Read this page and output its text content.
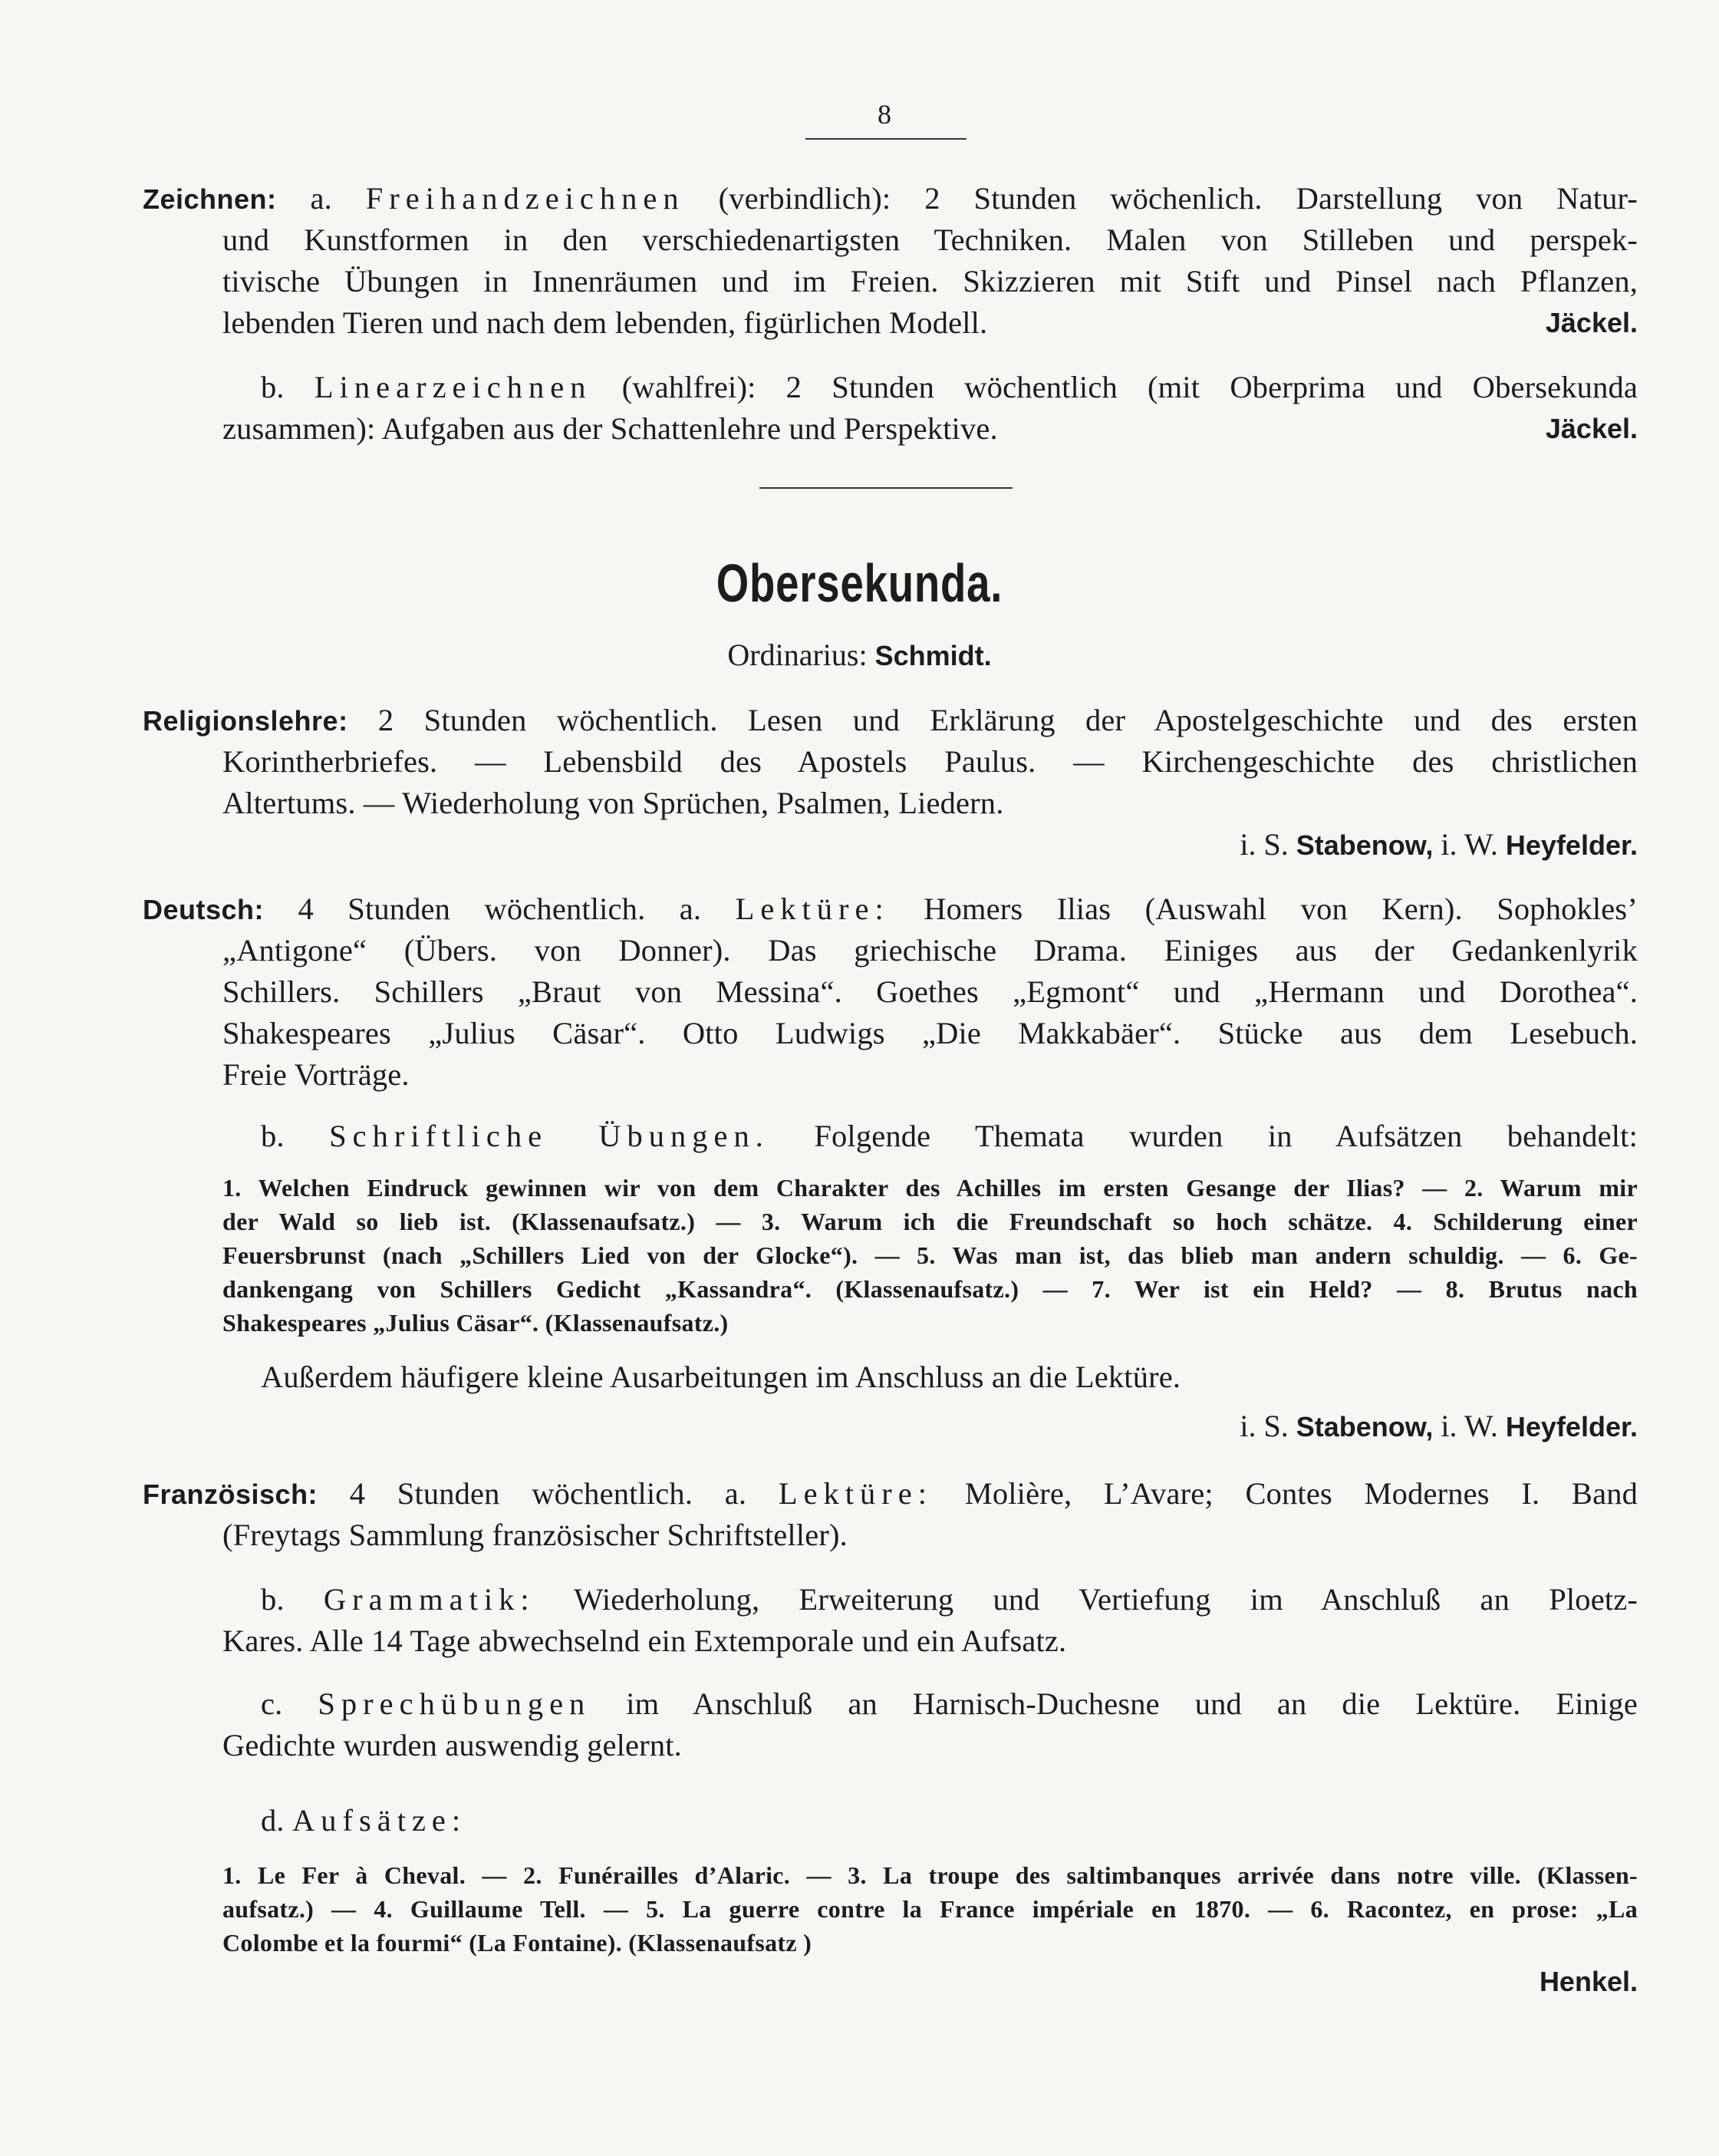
8
Zeichnen: a. Freihandzeichnen (verbindlich): 2 Stunden wöchenlich. Darstellung von Natur-
und Kunstformen in den verschiedenartigsten Techniken. Malen von Stilleben und perspek-
tivische Übungen in Innenräumen und im Freien. Skizzieren mit Stift und Pinsel nach Pflanzen,
lebenden Tieren und nach dem lebenden, figürlichen Modell.	Jäckel.
b. Linearzeichnen (wahlfrei): 2 Stunden wöchentlich (mit Oberprima und Obersekunda
zusammen): Aufgaben aus der Schattenlehre und Perspektive.	Jäckel.
Obersekunda.
Ordinarius: Schmidt.
Religionslehre: 2 Stunden wöchentlich. Lesen und Erklärung der Apostelgeschichte und des ersten
Korintherbriefes. — Lebensbild des Apostels Paulus. — Kirchengeschichte des christlichen
Altertums. — Wiederholung von Sprüchen, Psalmen, Liedern.
i. S. Stabenow, i. W. Heyfelder.
Deutsch: 4 Stunden wöchentlich. a. Lektüre: Homers Ilias (Auswahl von Kern). Sophokles’
„Antigone“ (Übers. von Donner). Das griechische Drama. Einiges aus der Gedankenlyrik
Schillers. Schillers „Braut von Messina“. Goethes „Egmont“ und „Hermann und Dorothea“.
Shakespeares „Julius Cäsar“. Otto Ludwigs „Die Makkabäer“. Stücke aus dem Lesebuch.
Freie Vorträge.
b. Schriftliche Übungen. Folgende Themata wurden in Aufsätzen behandelt:
1. Welchen Eindruck gewinnen wir von dem Charakter des Achilles im ersten Gesange der Ilias? — 2. Warum mir
der Wald so lieb ist. (Klassenaufsatz.) — 3. Warum ich die Freundschaft so hoch schätze. 4. Schilderung einer
Feuersbrunst (nach „Schillers Lied von der Glocke“). — 5. Was man ist, das blieb man andern schuldig. — 6. Ge-
dankengang von Schillers Gedicht „Kassandra“. (Klassenaufsatz.) — 7. Wer ist ein Held? — 8. Brutus nach
Shakespeares „Julius Cäsar“. (Klassenaufsatz.)
Außerdem häufigere kleine Ausarbeitungen im Anschluss an die Lektüre.
i. S. Stabenow, i. W. Heyfelder.
Französisch: 4 Stunden wöchentlich. a. Lektüre: Molière, L’Avare; Contes Modernes I. Band
(Freytags Sammlung französischer Schriftsteller).
b. Grammatik: Wiederholung, Erweiterung und Vertiefung im Anschluß an Ploetz-
Kares. Alle 14 Tage abwechselnd ein Extemporale und ein Aufsatz.
c. Sprechübungen im Anschluß an Harnisch-Duchesne und an die Lektüre. Einige
Gedichte wurden auswendig gelernt.
d. Aufsätze:
1. Le Fer à Cheval. — 2. Funérailles d’Alaric. — 3. La troupe des saltimbanques arrivée dans notre ville. (Klassen-
aufsatz.) — 4. Guillaume Tell. — 5. La guerre contre la France impériale en 1870. — 6. Racontez, en prose: „La
Colombe et la fourmi“ (La Fontaine). (Klassenaufsatz )
Henkel.
